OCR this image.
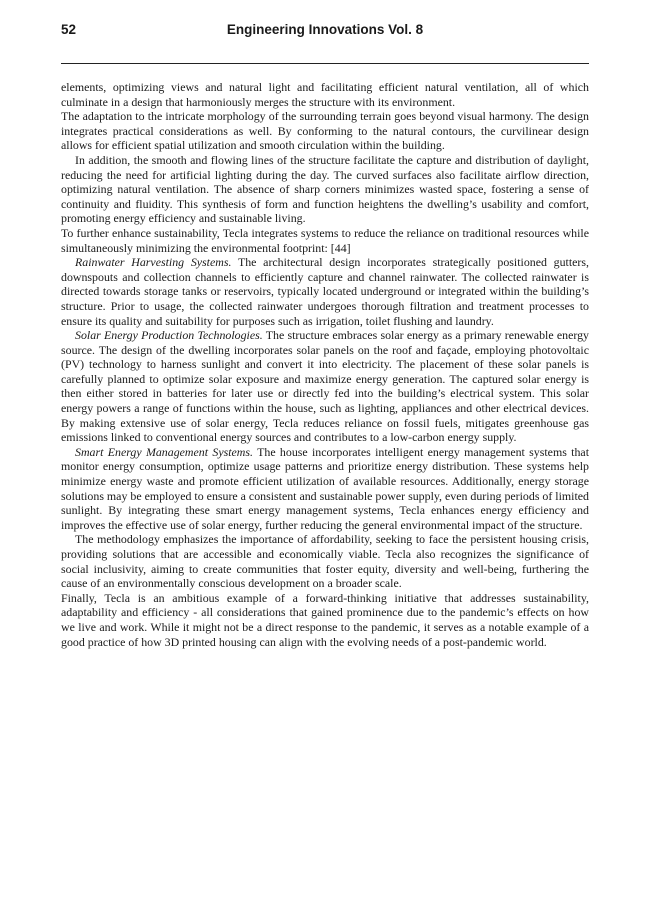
52	Engineering Innovations Vol. 8

elements, optimizing views and natural light and facilitating efficient natural ventilation, all of which culminate in a design that harmoniously merges the structure with its environment.

The adaptation to the intricate morphology of the surrounding terrain goes beyond visual harmony. The design integrates practical considerations as well. By conforming to the natural contours, the curvilinear design allows for efficient spatial utilization and smooth circulation within the building.

In addition, the smooth and flowing lines of the structure facilitate the capture and distribution of daylight, reducing the need for artificial lighting during the day. The curved surfaces also facilitate airflow direction, optimizing natural ventilation. The absence of sharp corners minimizes wasted space, fostering a sense of continuity and fluidity. This synthesis of form and function heightens the dwelling’s usability and comfort, promoting energy efficiency and sustainable living.

To further enhance sustainability, Tecla integrates systems to reduce the reliance on traditional resources while simultaneously minimizing the environmental footprint: [44]

Rainwater Harvesting Systems. The architectural design incorporates strategically positioned gutters, downspouts and collection channels to efficiently capture and channel rainwater. The collected rainwater is directed towards storage tanks or reservoirs, typically located underground or integrated within the building’s structure. Prior to usage, the collected rainwater undergoes thorough filtration and treatment processes to ensure its quality and suitability for purposes such as irrigation, toilet flushing and laundry.

Solar Energy Production Technologies. The structure embraces solar energy as a primary renewable energy source. The design of the dwelling incorporates solar panels on the roof and façade, employing photovoltaic (PV) technology to harness sunlight and convert it into electricity. The placement of these solar panels is carefully planned to optimize solar exposure and maximize energy generation. The captured solar energy is then either stored in batteries for later use or directly fed into the building’s electrical system. This solar energy powers a range of functions within the house, such as lighting, appliances and other electrical devices. By making extensive use of solar energy, Tecla reduces reliance on fossil fuels, mitigates greenhouse gas emissions linked to conventional energy sources and contributes to a low-carbon energy supply.

Smart Energy Management Systems. The house incorporates intelligent energy management systems that monitor energy consumption, optimize usage patterns and prioritize energy distribution. These systems help minimize energy waste and promote efficient utilization of available resources. Additionally, energy storage solutions may be employed to ensure a consistent and sustainable power supply, even during periods of limited sunlight. By integrating these smart energy management systems, Tecla enhances energy efficiency and improves the effective use of solar energy, further reducing the general environmental impact of the structure.

The methodology emphasizes the importance of affordability, seeking to face the persistent housing crisis, providing solutions that are accessible and economically viable. Tecla also recognizes the significance of social inclusivity, aiming to create communities that foster equity, diversity and well-being, furthering the cause of an environmentally conscious development on a broader scale.

Finally, Tecla is an ambitious example of a forward-thinking initiative that addresses sustainability, adaptability and efficiency - all considerations that gained prominence due to the pandemic’s effects on how we live and work. While it might not be a direct response to the pandemic, it serves as a notable example of a good practice of how 3D printed housing can align with the evolving needs of a post-pandemic world.
